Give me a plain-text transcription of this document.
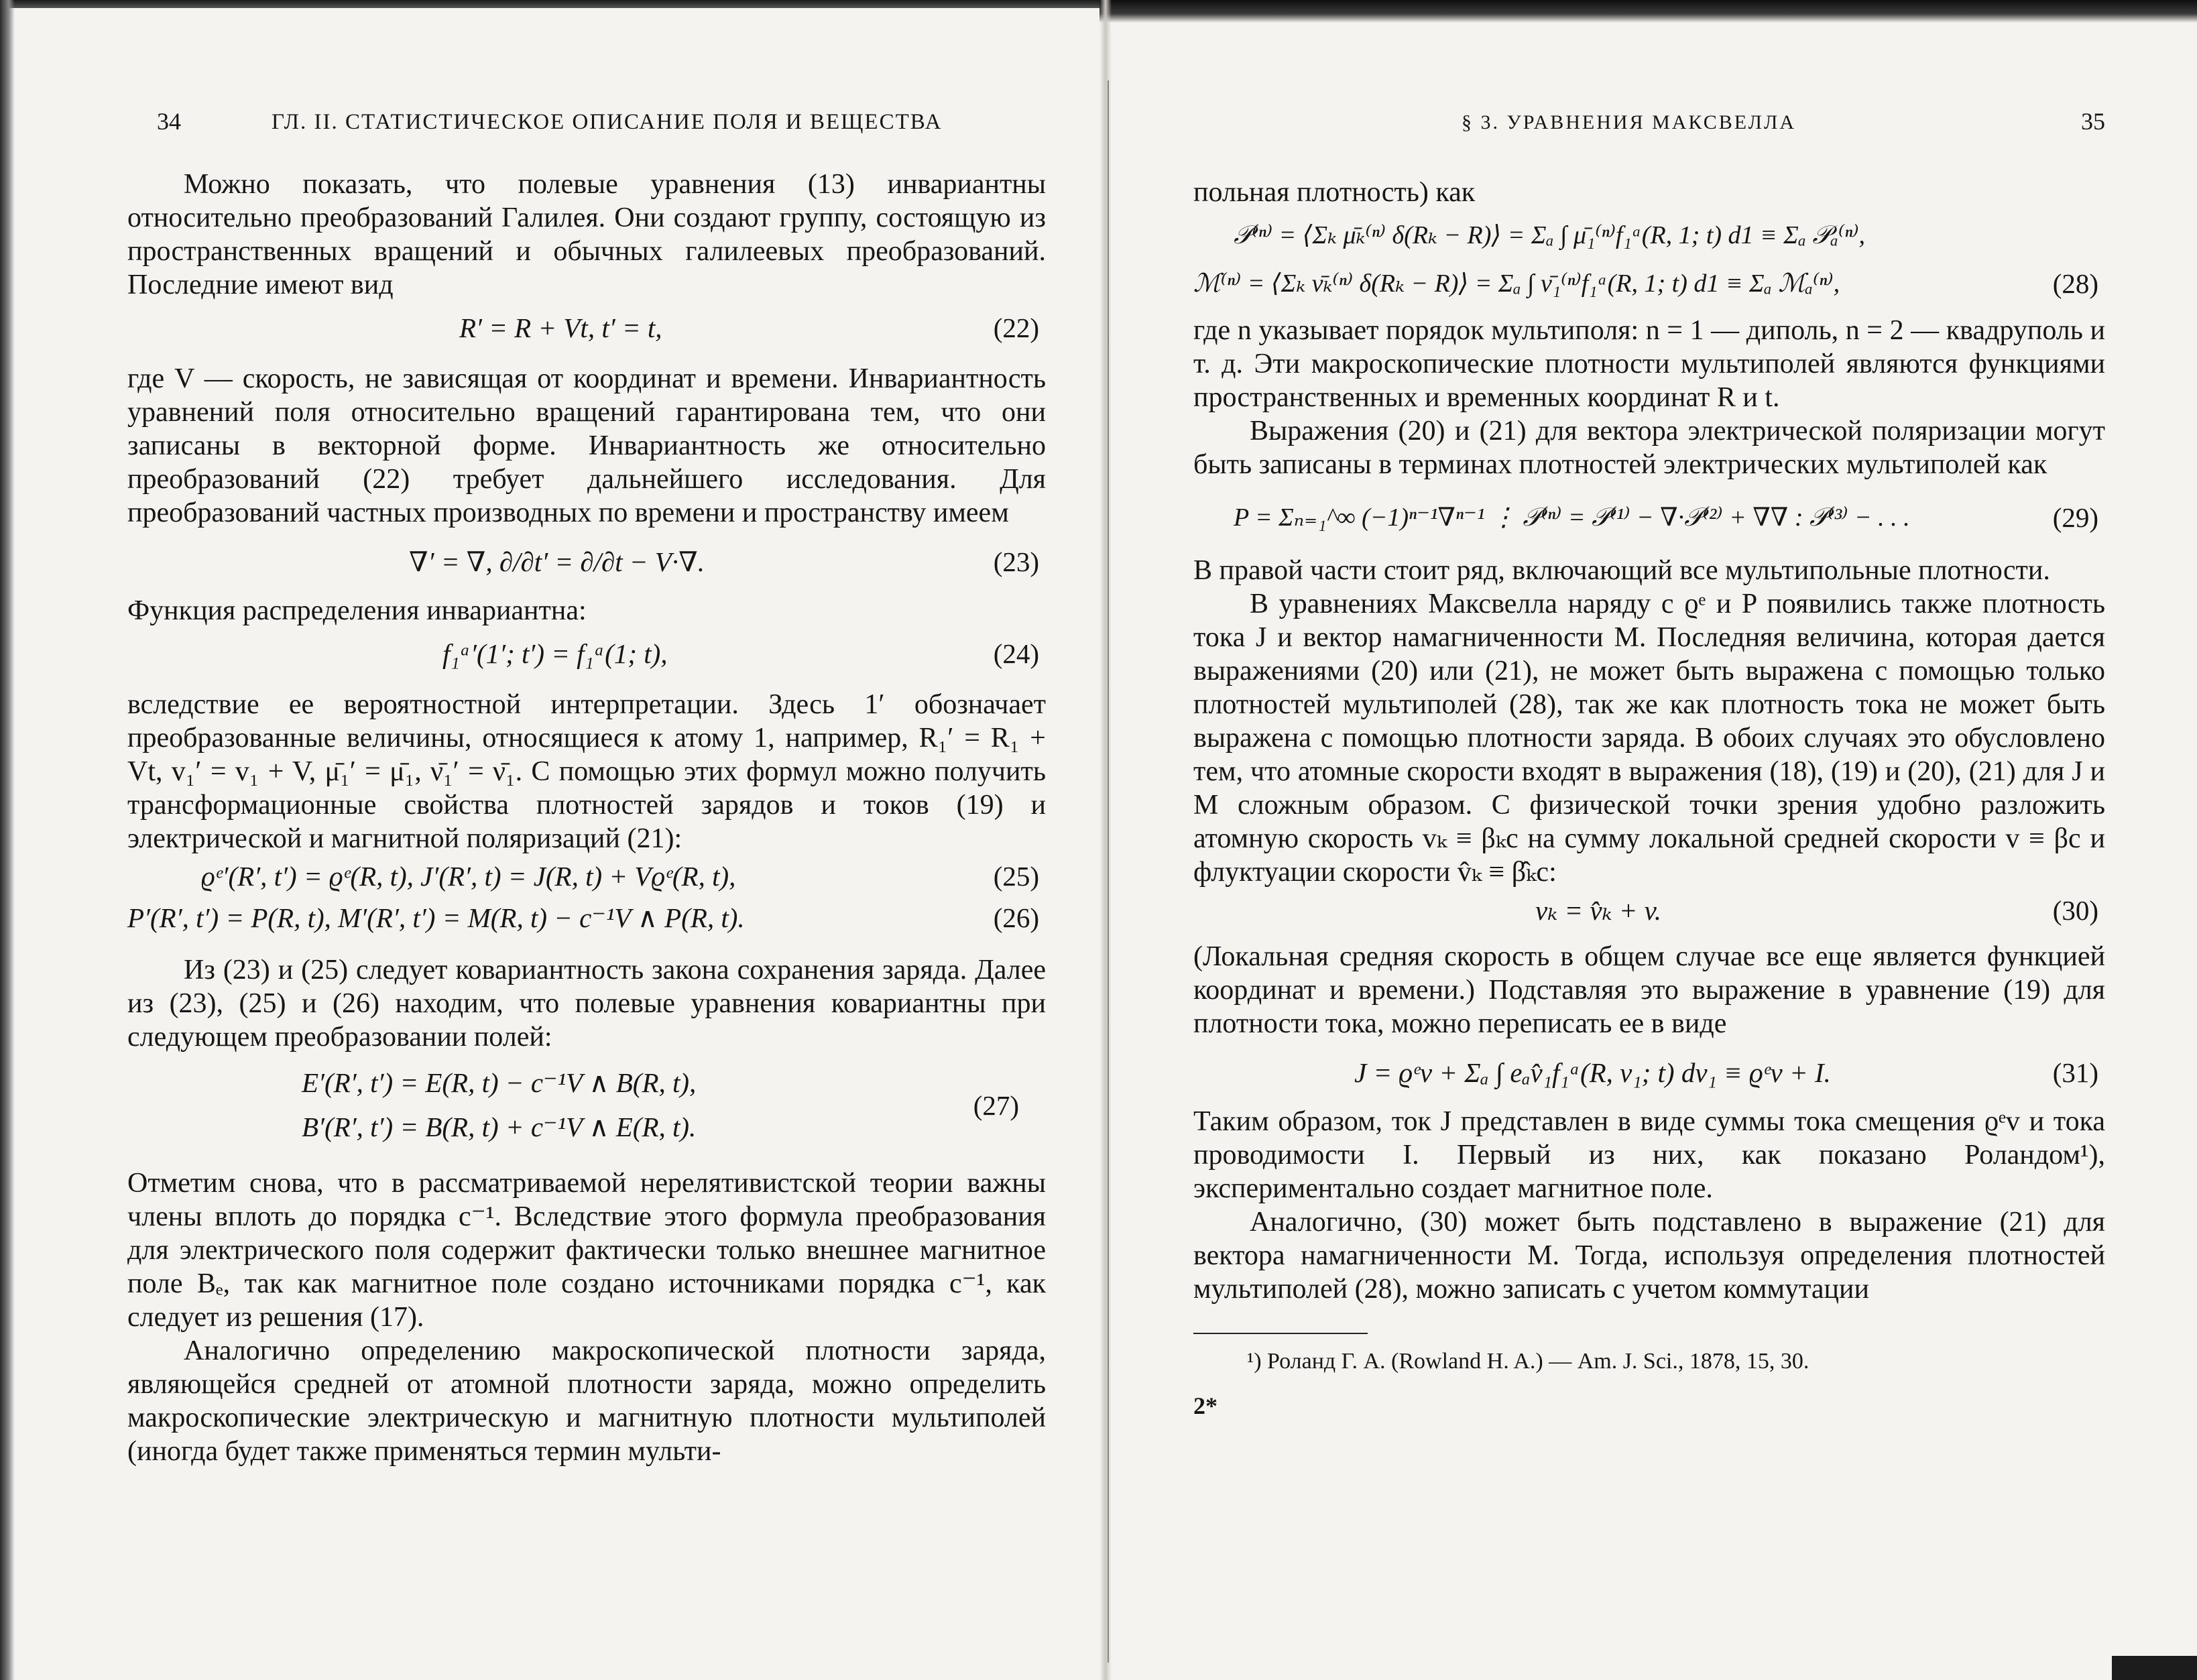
34	ГЛ. II. СТАТИСТИЧЕСКОЕ ОПИСАНИЕ ПОЛЯ И ВЕЩЕСТВА

Можно показать, что полевые уравнения (13) инвариантны относительно преобразований Галилея. Они создают группу, состоящую из пространственных вращений и обычных галилеевых преобразований. Последние имеют вид

R′ = R + Vt, t′ = t,	(22)

где V — скорость, не зависящая от координат и времени. Инвариантность уравнений поля относительно вращений гарантирована тем, что они записаны в векторной форме. Инвариантность же относительно преобразований (22) требует дальнейшего исследования. Для преобразований частных производных по времени и пространству имеем

∇′ = ∇, ∂/∂t′ = ∂/∂t − V·∇.	(23)

Функция распределения инвариантна:

f₁ᵃ′(1′; t′) = f₁ᵃ(1; t),	(24)

вследствие ее вероятностной интерпретации. Здесь 1′ обозначает преобразованные величины, относящиеся к атому 1, например, R₁′ = R₁ + Vt, v₁′ = v₁ + V, μ̄₁′ = μ̄₁, ν̄₁′ = ν̄₁. С помощью этих формул можно получить трансформационные свойства плотностей зарядов и токов (19) и электрической и магнитной поляризаций (21):

ϱᵉ′(R′, t′) = ϱᵉ(R, t), J′(R′, t) = J(R, t) + Vϱᵉ(R, t),	(25)
P′(R′, t′) = P(R, t), M′(R′, t′) = M(R, t) − c⁻¹V ∧ P(R, t).	(26)

Из (23) и (25) следует ковариантность закона сохранения заряда. Далее из (23), (25) и (26) находим, что полевые уравнения ковариантны при следующем преобразовании полей:

E′(R′, t′) = E(R, t) − c⁻¹V ∧ B(R, t),
B′(R′, t′) = B(R, t) + c⁻¹V ∧ E(R, t).
(27)

Отметим снова, что в рассматриваемой нерелятивистской теории важны члены вплоть до порядка c⁻¹. Вследствие этого формула преобразования для электрического поля содержит фактически только внешнее магнитное поле Bₑ, так как магнитное поле создано источниками порядка c⁻¹, как следует из решения (17).

Аналогично определению макроскопической плотности заряда, являющейся средней от атомной плотности заряда, можно определить макроскопические электрическую и магнитную плотности мультиполей (иногда будет также применяться термин мульти-

§ 3. УРАВНЕНИЯ МАКСВЕЛЛА	35

польная плотность) как

𝒫⁽ⁿ⁾ = ⟨Σₖ μ̄ₖ⁽ⁿ⁾ δ(Rₖ − R)⟩ = Σₐ ∫ μ̄₁⁽ⁿ⁾f₁ᵃ(R, 1; t) d1 ≡ Σₐ 𝒫ₐ⁽ⁿ⁾,
ℳ⁽ⁿ⁾ = ⟨Σₖ ν̄ₖ⁽ⁿ⁾ δ(Rₖ − R)⟩ = Σₐ ∫ ν̄₁⁽ⁿ⁾f₁ᵃ(R, 1; t) d1 ≡ Σₐ ℳₐ⁽ⁿ⁾,	(28)

где n указывает порядок мультиполя: n = 1 — диполь, n = 2 — квадруполь и т. д. Эти макроскопические плотности мультиполей являются функциями пространственных и временных координат R и t.

Выражения (20) и (21) для вектора электрической поляризации могут быть записаны в терминах плотностей электрических мультиполей как

P = Σₙ₌₁^∞ (−1)ⁿ⁻¹∇ⁿ⁻¹ ⋮ 𝒫⁽ⁿ⁾ = 𝒫⁽¹⁾ − ∇·𝒫⁽²⁾ + ∇∇ : 𝒫⁽³⁾ − . . .	(29)

В правой части стоит ряд, включающий все мультипольные плотности.

В уравнениях Максвелла наряду с ϱᵉ и P появились также плотность тока J и вектор намагниченности M. Последняя величина, которая дается выражениями (20) или (21), не может быть выражена с помощью только плотностей мультиполей (28), так же как плотность тока не может быть выражена с помощью плотности заряда. В обоих случаях это обусловлено тем, что атомные скорости входят в выражения (18), (19) и (20), (21) для J и M сложным образом. С физической точки зрения удобно разложить атомную скорость vₖ ≡ βₖc на сумму локальной средней скорости v ≡ βc и флуктуации скорости v̂ₖ ≡ β̂ₖc:

vₖ = v̂ₖ + v.	(30)

(Локальная средняя скорость в общем случае все еще является функцией координат и времени.) Подставляя это выражение в уравнение (19) для плотности тока, можно переписать ее в виде

J = ϱᵉv + Σₐ ∫ eₐv̂₁f₁ᵃ(R, v₁; t) dv₁ ≡ ϱᵉv + I.	(31)

Таким образом, ток J представлен в виде суммы тока смещения ϱᵉv и тока проводимости I. Первый из них, как показано Роландом¹), экспериментально создает магнитное поле.

Аналогично, (30) может быть подставлено в выражение (21) для вектора намагниченности M. Тогда, используя определения плотностей мультиполей (28), можно записать с учетом коммутации

¹) Роланд Г. А. (Rowland H. A.) — Am. J. Sci., 1878, 15, 30.
2*
